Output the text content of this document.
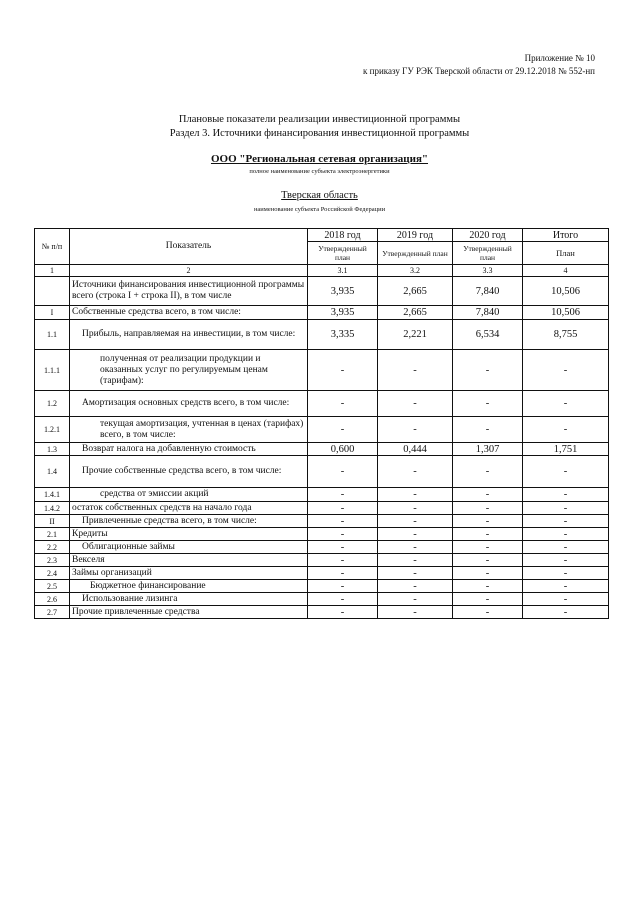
Приложение № 10
к приказу ГУ РЭК Тверской области от 29.12.2018 № 552-нп
Плановые показатели реализации инвестиционной программы
Раздел 3. Источники финансирования инвестиционной программы
ООО "Региональная сетевая организация"
полное наименование субъекта электроэнергетики
Тверская область
наименование субъекта Российской Федерации
№ п/п	Показатель	2018 год	2019 год	2020 год	Итого
		Утвержденный план	Утвержденный план	Утвержденный план	План
1	2	3.1	3.2	3.3	4
	Источники финансирования инвестиционной программы всего (строка I + строка II), в том числе	3,935	2,665	7,840	10,506
I	Собственные средства всего, в том числе:	3,935	2,665	7,840	10,506
1.1	Прибыль, направляемая на инвестиции, в том числе:	3,335	2,221	6,534	8,755
1.1.1	полученная от реализации продукции и оказанных услуг по регулируемым ценам (тарифам):	-	-	-	-
1.2	Амортизация основных средств всего, в том числе:	-	-	-	-
1.2.1	текущая амортизация, учтенная в ценах (тарифах) всего, в том числе:	-	-	-	-
1.3	Возврат налога на добавленную стоимость	0,600	0,444	1,307	1,751
1.4	Прочие собственные средства всего, в том числе:	-	-	-	-
1.4.1	средства от эмиссии акций	-	-	-	-
1.4.2	остаток собственных средств на начало года	-	-	-	-
II	Привлеченные средства всего, в том числе:	-	-	-	-
2.1	Кредиты	-	-	-	-
2.2	Облигационные займы	-	-	-	-
2.3	Векселя	-	-	-	-
2.4	Займы организаций	-	-	-	-
2.5	Бюджетное финансирование	-	-	-	-
2.6	Использование лизинга	-	-	-	-
2.7	Прочие привлеченные средства	-	-	-	-
